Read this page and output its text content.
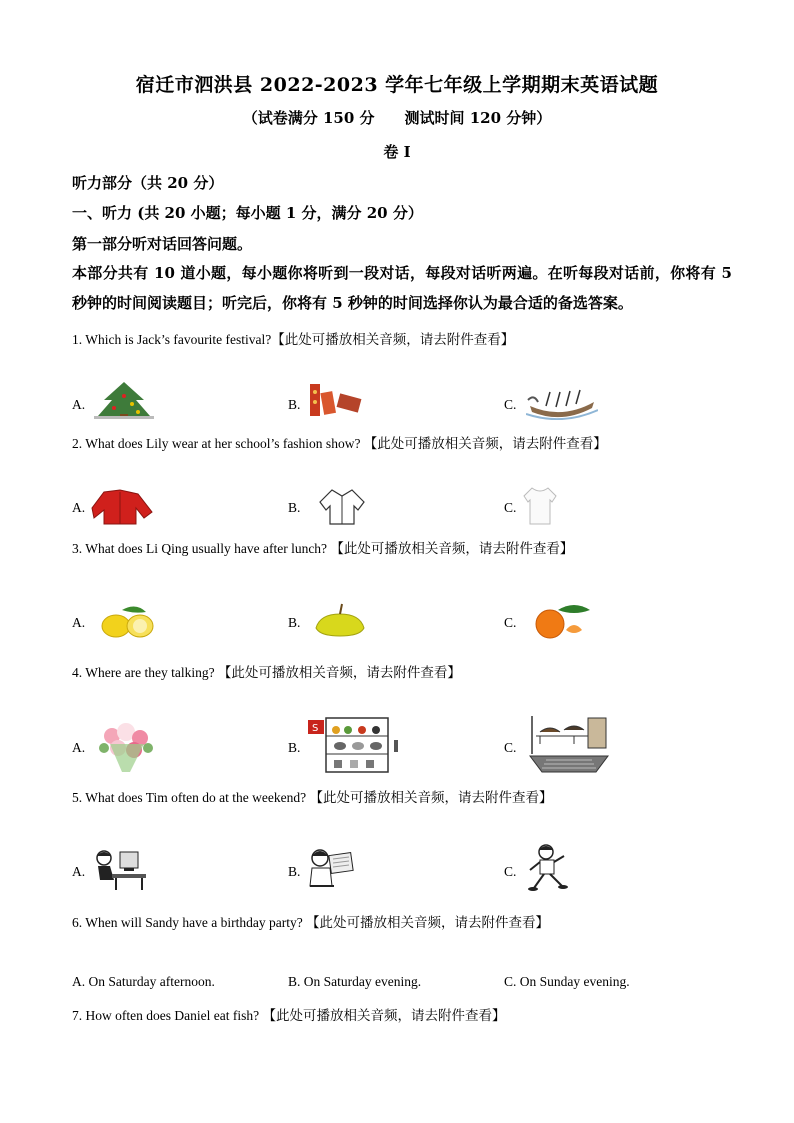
宿迁市泗洪县 2022-2023 学年七年级上学期期末英语试题
（试卷满分 150 分 测试时间 120 分钟）
卷 I
听力部分（共 20 分）
一、听力 (共 20 小题；每小题 1 分，满分 20 分）
第一部分听对话回答问题。
本部分共有 10 道小题，每小题你将听到一段对话，每段对话听两遍。在听每段对话前，你将有 5 秒钟的时间阅读题目；听完后，你将有 5 秒钟的时间选择你认为最合适的备选答案。
1. Which is Jack’s favourite festival?【此处可播放相关音频，请去附件查看】
A.	B.	C.
2. What does Lily wear at her school’s fashion show? 【此处可播放相关音频，请去附件查看】
A.	B.	C.
3. What does Li Qing usually have after lunch? 【此处可播放相关音频，请去附件查看】
A.	B.	C.
4. Where are they talking? 【此处可播放相关音频，请去附件查看】
A.	B.
S
C.
5. What does Tim often do at the weekend? 【此处可播放相关音频，请去附件查看】
A.	B.	C.
6. When will Sandy have a birthday party? 【此处可播放相关音频，请去附件查看】
A. On Saturday afternoon.	B. On Saturday evening.	C. On Sunday evening.
7. How often does Daniel eat fish? 【此处可播放相关音频，请去附件查看】
